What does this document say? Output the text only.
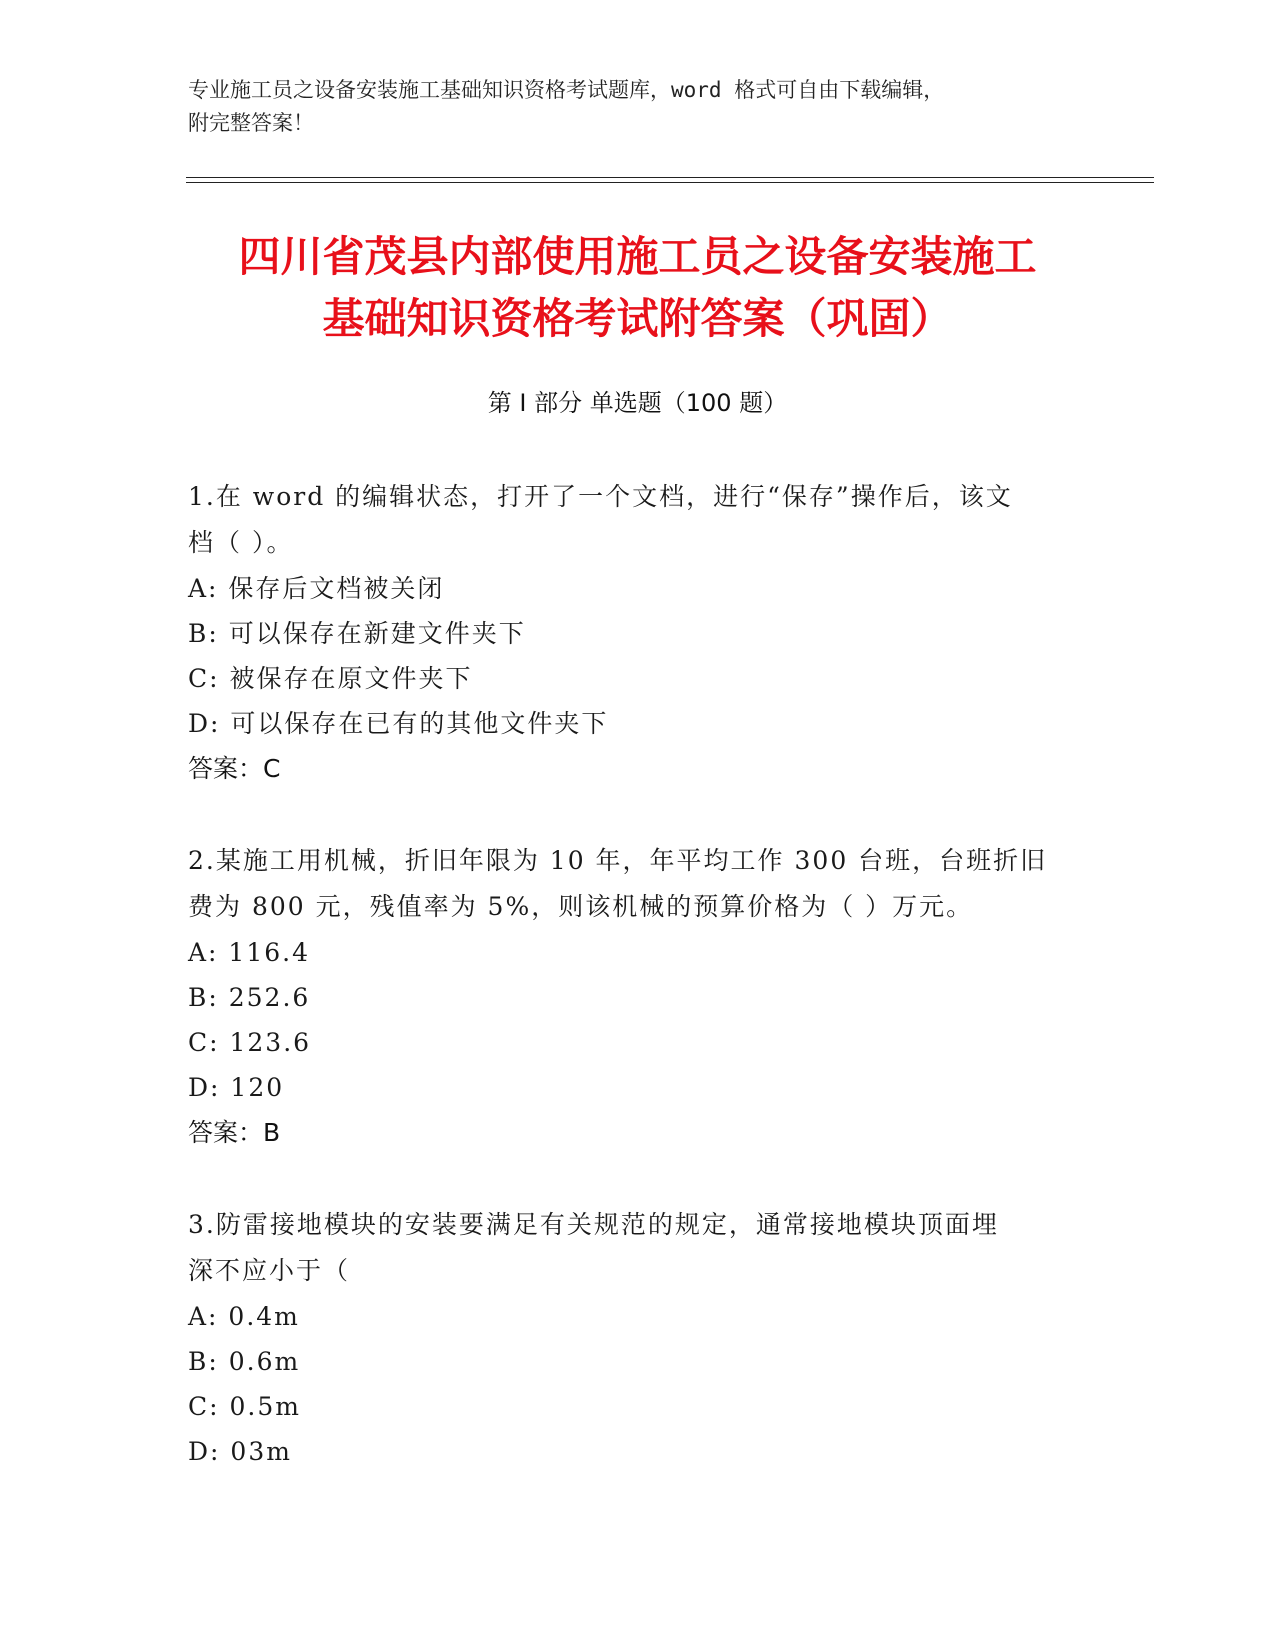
专业施工员之设备安装施工基础知识资格考试题库，word 格式可自由下载编辑，
附完整答案！

四川省茂县内部使用施工员之设备安装施工
基础知识资格考试附答案（巩固）
第 I 部分 单选题（100 题）

1.在 word 的编辑状态，打开了一个文档，进行“保存”操作后，该文
档（ ）。

A: 保存后文档被关闭

B: 可以保存在新建文件夹下

C: 被保存在原文件夹下

D: 可以保存在已有的其他文件夹下

答案：C

2.某施工用机械，折旧年限为 10 年，年平均工作 300 台班，台班折旧
费为 800 元，残值率为 5%，则该机械的预算价格为（ ）万元。

A: 116.4

B: 252.6

C: 123.6

D: 120

答案：B

3.防雷接地模块的安装要满足有关规范的规定，通常接地模块顶面埋
深不应小于（

A: 0.4m

B: 0.6m

C: 0.5m

D: 03m
